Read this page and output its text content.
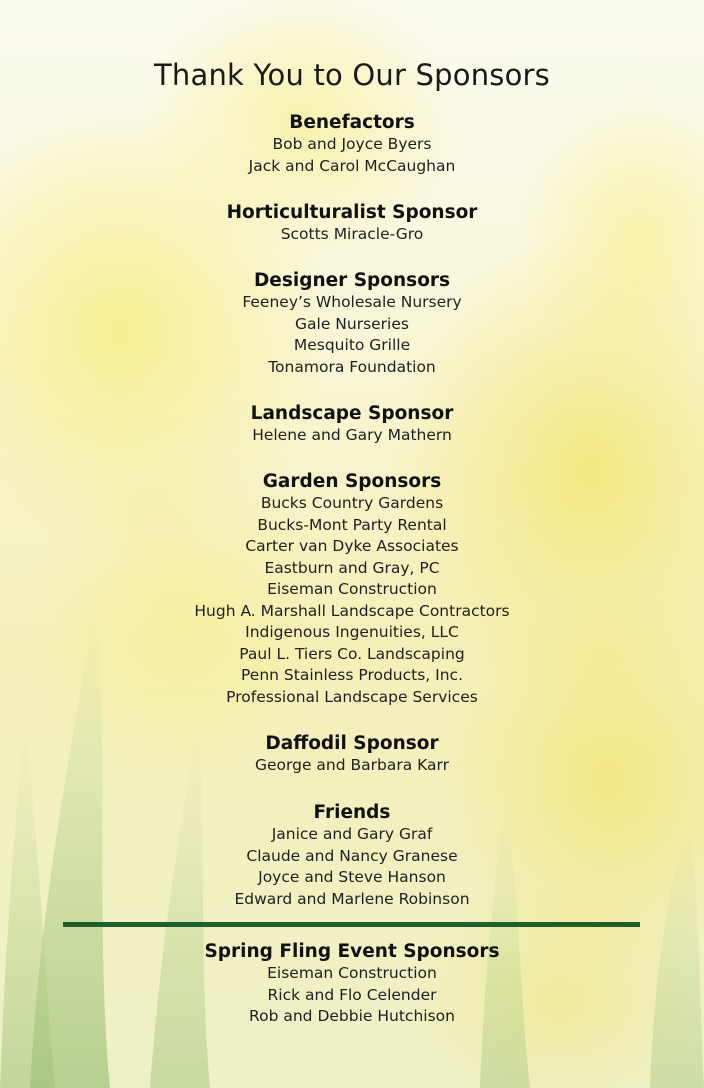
Thank You to Our Sponsors
Benefactors
Bob and Joyce Byers
Jack and Carol McCaughan
Horticulturalist Sponsor
Scotts Miracle-Gro
Designer Sponsors
Feeney’s Wholesale Nursery
Gale Nurseries
Mesquito Grille
Tonamora Foundation
Landscape Sponsor
Helene and Gary Mathern
Garden Sponsors
Bucks Country Gardens
Bucks-Mont Party Rental
Carter van Dyke Associates
Eastburn and Gray, PC
Eiseman Construction
Hugh A. Marshall Landscape Contractors
Indigenous Ingenuities, LLC
Paul L. Tiers Co. Landscaping
Penn Stainless Products, Inc.
Professional Landscape Services
Daffodil Sponsor
George and Barbara Karr
Friends
Janice and Gary Graf
Claude and Nancy Granese
Joyce and Steve Hanson
Edward and Marlene Robinson
Spring Fling Event Sponsors
Eiseman Construction
Rick and Flo Celender
Rob and Debbie Hutchison
